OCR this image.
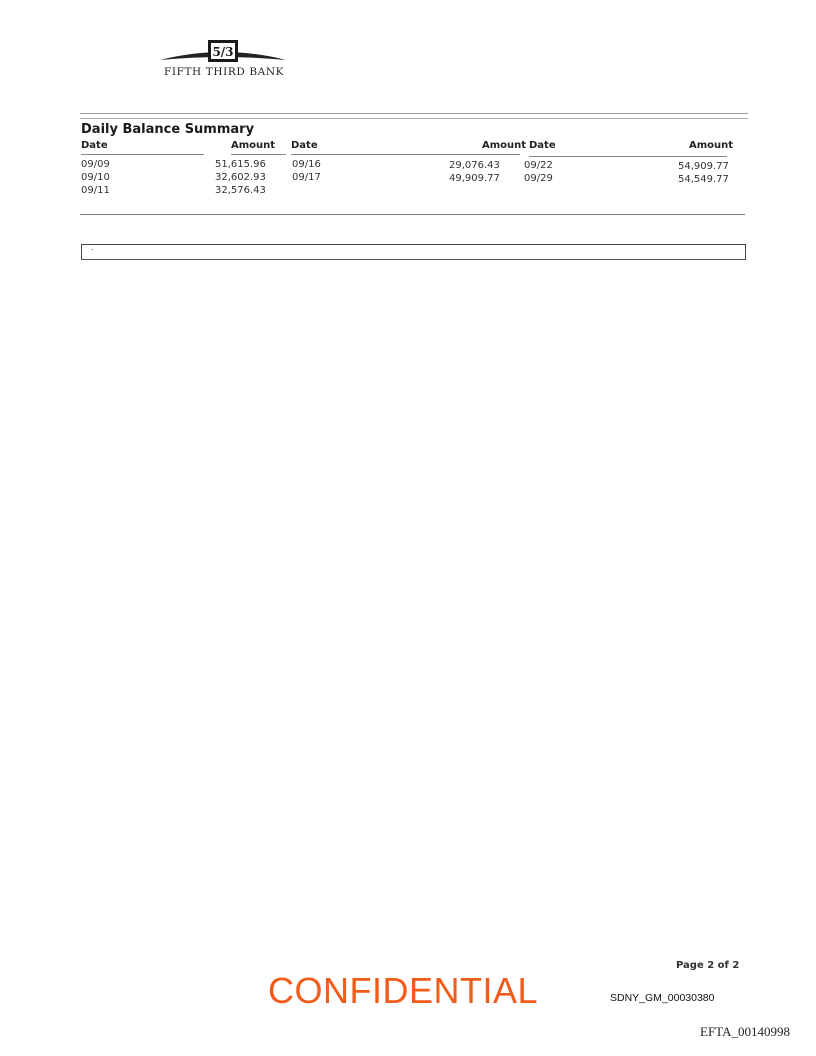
5/3
FIFTH THIRD BANK
Daily Balance Summary
Date	Amount Date	Amount Date	Amount
09/09	51,615.96
09/10	32,602.93
09/11	32,576.43
09/16	29,076.43
09/17	49,909.77
09/22	54,909.77
09/29	54,549.77
Page 2 of 2
CONFIDENTIAL	SDNY_GM_00030380
EFTA_00140998
